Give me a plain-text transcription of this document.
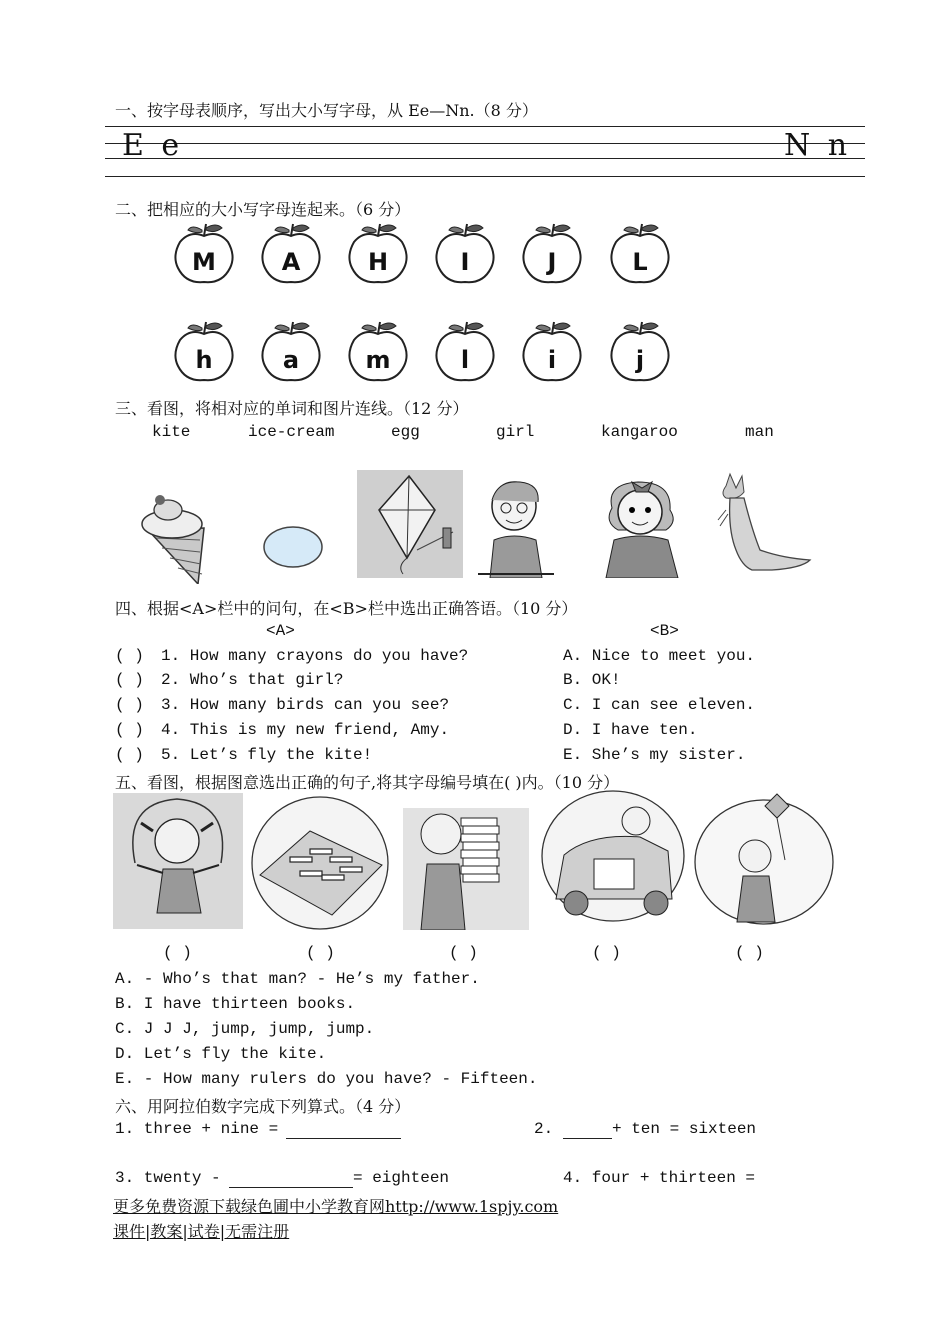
一、按字母表顺序，写出大小写字母，从 Ee—Nn.（8 分）
E e	N n
二、把相应的大小写字母连起来。（6 分）
M	A	H	I	J	L
h	a	m	l	i	j
三、看图，将相对应的单词和图片连线。（12 分）
kite	ice-cream	egg	girl	kangaroo	man
四、根据<A>栏中的问句，在<B>栏中选出正确答语。（10 分）
<A>	<B>
( ) 1. How many crayons do you have?	A. Nice to meet you.
( ) 2. Who’s that girl?	B. OK!
( ) 3. How many birds can you see?	C. I can see eleven.
( ) 4. This is my new friend, Amy.	D. I have ten.
( ) 5. Let’s fly the kite!	E. She’s my sister.
五、看图，根据图意选出正确的句子,将其字母编号填在( )内。（10 分）
( )	( )	( )	( )	( )
A. - Who’s that man? - He’s my father.
B. I have thirteen books.
C. J J J, jump, jump, jump.
D. Let’s fly the kite.
E. - How many rulers do you have? - Fifteen.
六、用阿拉伯数字完成下列算式。（4 分）
1. three + nine =	2.	+ ten = sixteen
3. twenty -	= eighteen	4. four + thirteen =
更多免费资源下载绿色圃中小学教育网http://www.1spjy.com
课件|教案|试卷|无需注册
